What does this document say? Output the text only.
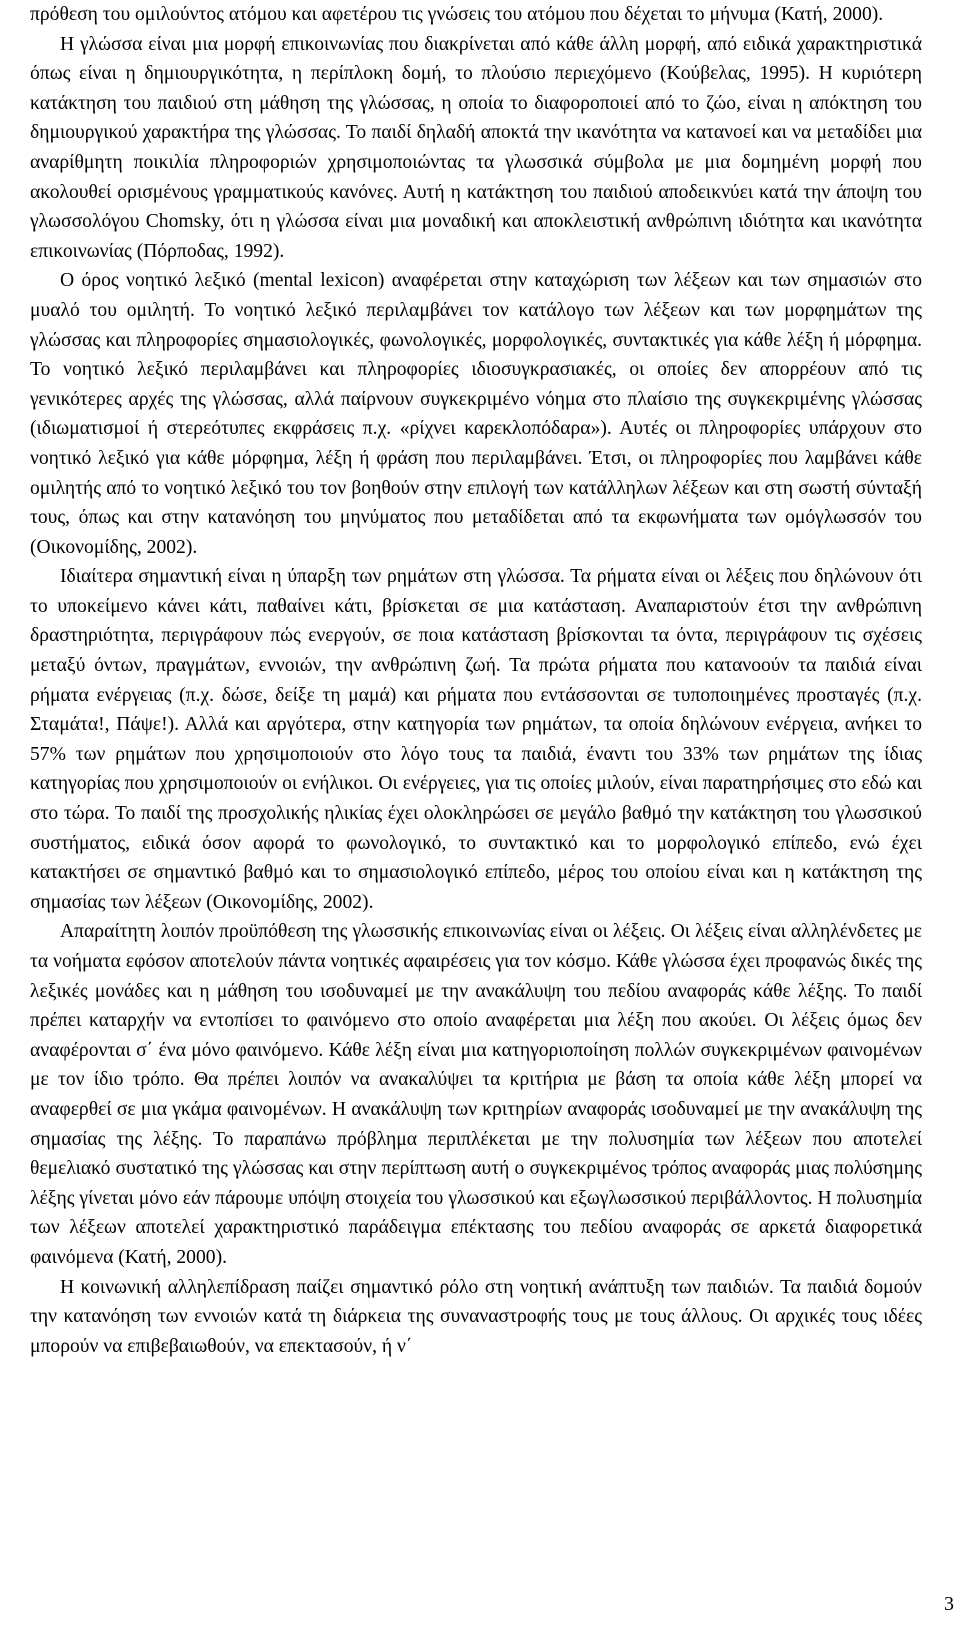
πρόθεση του ομιλούντος ατόμου και αφετέρου τις γνώσεις του ατόμου που δέχεται το μήνυμα (Κατή, 2000).

Η γλώσσα είναι μια μορφή επικοινωνίας που διακρίνεται από κάθε άλλη μορφή, από ειδικά χαρακτηριστικά όπως είναι η δημιουργικότητα, η περίπλοκη δομή, το πλούσιο περιεχόμενο (Κούβελας, 1995). Η κυριότερη κατάκτηση του παιδιού στη μάθηση της γλώσσας, η οποία το διαφοροποιεί από το ζώο, είναι η απόκτηση του δημιουργικού χαρακτήρα της γλώσσας. Το παιδί δηλαδή αποκτά την ικανότητα να κατανοεί και να μεταδίδει μια αναρίθμητη ποικιλία πληροφοριών χρησιμοποιώντας τα γλωσσικά σύμβολα με μια δομημένη μορφή που ακολουθεί ορισμένους γραμματικούς κανόνες. Αυτή η κατάκτηση του παιδιού αποδεικνύει κατά την άποψη του γλωσσολόγου Chomsky, ότι η γλώσσα είναι μια μοναδική και αποκλειστική ανθρώπινη ιδιότητα και ικανότητα επικοινωνίας (Πόρποδας, 1992).

Ο όρος νοητικό λεξικό (mental lexicon) αναφέρεται στην καταχώριση των λέξεων και των σημασιών στο μυαλό του ομιλητή. Το νοητικό λεξικό περιλαμβάνει τον κατάλογο των λέξεων και των μορφημάτων της γλώσσας και πληροφορίες σημασιολογικές, φωνολογικές, μορφολογικές, συντακτικές για κάθε λέξη ή μόρφημα. Το νοητικό λεξικό περιλαμβάνει και πληροφορίες ιδιοσυγκρασιακές, οι οποίες δεν απορρέουν από τις γενικότερες αρχές της γλώσσας, αλλά παίρνουν συγκεκριμένο νόημα στο πλαίσιο της συγκεκριμένης γλώσσας (ιδιωματισμοί ή στερεότυπες εκφράσεις π.χ. «ρίχνει καρεκλοπόδαρα»). Αυτές οι πληροφορίες υπάρχουν στο νοητικό λεξικό για κάθε μόρφημα, λέξη ή φράση που περιλαμβάνει. Έτσι, οι πληροφορίες που λαμβάνει κάθε ομιλητής από το νοητικό λεξικό του τον βοηθούν στην επιλογή των κατάλληλων λέξεων και στη σωστή σύνταξή τους, όπως και στην κατανόηση του μηνύματος που μεταδίδεται από τα εκφωνήματα των ομόγλωσσόν του (Οικονομίδης, 2002).

Ιδιαίτερα σημαντική είναι η ύπαρξη των ρημάτων στη γλώσσα. Τα ρήματα είναι οι λέξεις που δηλώνουν ότι το υποκείμενο κάνει κάτι, παθαίνει κάτι, βρίσκεται σε μια κατάσταση. Αναπαριστούν έτσι την ανθρώπινη δραστηριότητα, περιγράφουν πώς ενεργούν, σε ποια κατάσταση βρίσκονται τα όντα, περιγράφουν τις σχέσεις μεταξύ όντων, πραγμάτων, εννοιών, την ανθρώπινη ζωή. Τα πρώτα ρήματα που κατανοούν τα παιδιά είναι ρήματα ενέργειας (π.χ. δώσε, δείξε τη μαμά) και ρήματα που εντάσσονται σε τυποποιημένες προσταγές (π.χ. Σταμάτα!, Πάψε!). Αλλά και αργότερα, στην κατηγορία των ρημάτων, τα οποία δηλώνουν ενέργεια, ανήκει το 57% των ρημάτων που χρησιμοποιούν στο λόγο τους τα παιδιά, έναντι του 33% των ρημάτων της ίδιας κατηγορίας που χρησιμοποιούν οι ενήλικοι. Οι ενέργειες, για τις οποίες μιλούν, είναι παρατηρήσιμες στο εδώ και στο τώρα. Το παιδί της προσχολικής ηλικίας έχει ολοκληρώσει σε μεγάλο βαθμό την κατάκτηση του γλωσσικού συστήματος, ειδικά όσον αφορά το φωνολογικό, το συντακτικό και το μορφολογικό επίπεδο, ενώ έχει κατακτήσει σε σημαντικό βαθμό και το σημασιολογικό επίπεδο, μέρος του οποίου είναι και η κατάκτηση της σημασίας των λέξεων (Οικονομίδης, 2002).

Απαραίτητη λοιπόν προϋπόθεση της γλωσσικής επικοινωνίας είναι οι λέξεις. Οι λέξεις είναι αλληλένδετες με τα νοήματα εφόσον αποτελούν πάντα νοητικές αφαιρέσεις για τον κόσμο. Κάθε γλώσσα έχει προφανώς δικές της λεξικές μονάδες και η μάθηση του ισοδυναμεί με την ανακάλυψη του πεδίου αναφοράς κάθε λέξης. Το παιδί πρέπει καταρχήν να εντοπίσει το φαινόμενο στο οποίο αναφέρεται μια λέξη που ακούει. Οι λέξεις όμως δεν αναφέρονται σ΄ ένα μόνο φαινόμενο. Κάθε λέξη είναι μια κατηγοριοποίηση πολλών συγκεκριμένων φαινομένων με τον ίδιο τρόπο. Θα πρέπει λοιπόν να ανακαλύψει τα κριτήρια με βάση τα οποία κάθε λέξη μπορεί να αναφερθεί σε μια γκάμα φαινομένων. Η ανακάλυψη των κριτηρίων αναφοράς ισοδυναμεί με την ανακάλυψη της σημασίας της λέξης. Το παραπάνω πρόβλημα περιπλέκεται με την πολυσημία των λέξεων που αποτελεί θεμελιακό συστατικό της γλώσσας και στην περίπτωση αυτή ο συγκεκριμένος τρόπος αναφοράς μιας πολύσημης λέξης γίνεται μόνο εάν πάρουμε υπόψη στοιχεία του γλωσσικού και εξωγλωσσικού περιβάλλοντος. Η πολυσημία των λέξεων αποτελεί χαρακτηριστικό παράδειγμα επέκτασης του πεδίου αναφοράς σε αρκετά διαφορετικά φαινόμενα (Κατή, 2000).

Η κοινωνική αλληλεπίδραση παίζει σημαντικό ρόλο στη νοητική ανάπτυξη των παιδιών. Τα παιδιά δομούν την κατανόηση των εννοιών κατά τη διάρκεια της συναναστροφής τους με τους άλλους. Οι αρχικές τους ιδέες μπορούν να επιβεβαιωθούν, να επεκτασούν, ή ν΄

3
